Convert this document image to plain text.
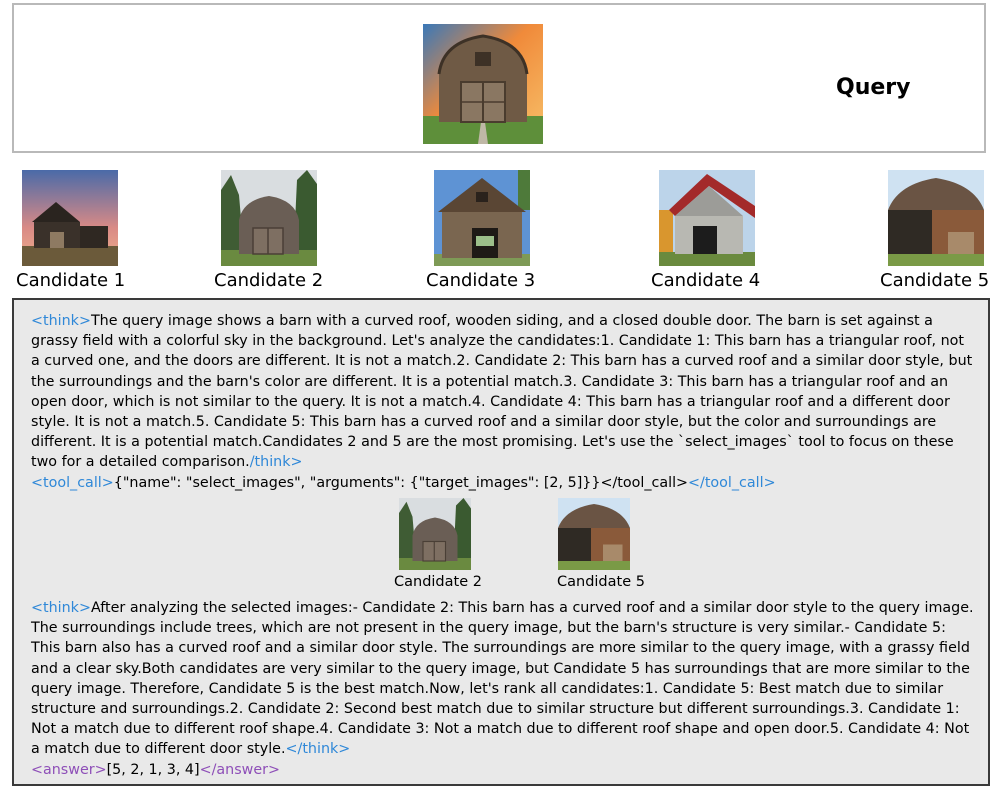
Query
Candidate 1	Candidate 2	Candidate 3	Candidate 4	Candidate 5

<think>The query image shows a barn with a curved roof, wooden siding, and a closed double door. The barn is set against a grassy field with a colorful sky in the background. Let's analyze the candidates:1. Candidate 1: This barn has a triangular roof, not a curved one, and the doors are different. It is not a match.2. Candidate 2: This barn has a curved roof and a similar door style, but the surroundings and the barn's color are different. It is a potential match.3. Candidate 3: This barn has a triangular roof and an open door, which is not similar to the query. It is not a match.4. Candidate 4: This barn has a triangular roof and a different door style. It is not a match.5. Candidate 5: This barn has a curved roof and a similar door style, but the color and surroundings are different. It is a potential match.Candidates 2 and 5 are the most promising. Let's use the `select_images` tool to focus on these two for a detailed comparison./think>
<tool_call>{"name": "select_images", "arguments": {"target_images": [2, 5]}}</tool_call></tool_call>

Candidate 2	Candidate 5

<think>After analyzing the selected images:- Candidate 2: This barn has a curved roof and a similar door style to the query image. The surroundings include trees, which are not present in the query image, but the barn's structure is very similar.- Candidate 5: This barn also has a curved roof and a similar door style. The surroundings are more similar to the query image, with a grassy field and a clear sky.Both candidates are very similar to the query image, but Candidate 5 has surroundings that are more similar to the query image. Therefore, Candidate 5 is the best match.Now, let's rank all candidates:1. Candidate 5: Best match due to similar structure and surroundings.2. Candidate 2: Second best match due to similar structure but different surroundings.3. Candidate 1: Not a match due to different roof shape.4. Candidate 3: Not a match due to different roof shape and open door.5. Candidate 4: Not a match due to different door style.</think>
<answer>[5, 2, 1, 3, 4]</answer>
